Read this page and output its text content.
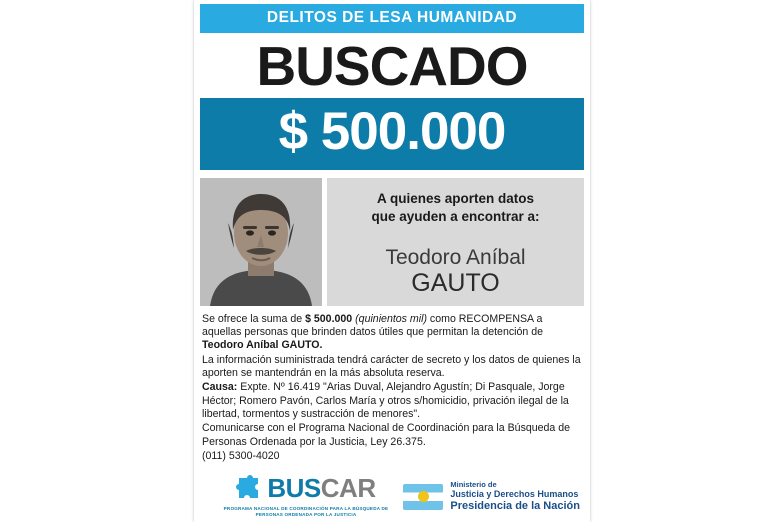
DELITOS DE LESA HUMANIDAD
BUSCADO
$ 500.000
A quienes aporten datos
que ayuden a encontrar a:
Teodoro Aníbal
GAUTO

Se ofrece la suma de $ 500.000 (quinientos mil) como RECOMPENSA a aquellas personas que brinden datos útiles que permitan la detención de Teodoro Aníbal GAUTO.

La información suministrada tendrá carácter de secreto y los datos de quienes la aporten se mantendrán en la más absoluta reserva.

Causa: Expte. Nº 16.419 "Arias Duval, Alejandro Agustín; Di Pasquale, Jorge Héctor; Romero Pavón, Carlos María y otros s/homicidio, privación ilegal de la libertad, tormentos y sustracción de menores".

Comunicarse con el Programa Nacional de Coordinación para la Búsqueda de Personas Ordenada por la Justicia, Ley 26.375.

(011) 5300-4020

BUSCAR
PROGRAMA NACIONAL DE COORDINACIÓN PARA LA BÚSQUEDA DE PERSONAS ORDENADA POR LA JUSTICIA
Ministerio de
Justicia y Derechos Humanos
Presidencia de la Nación
